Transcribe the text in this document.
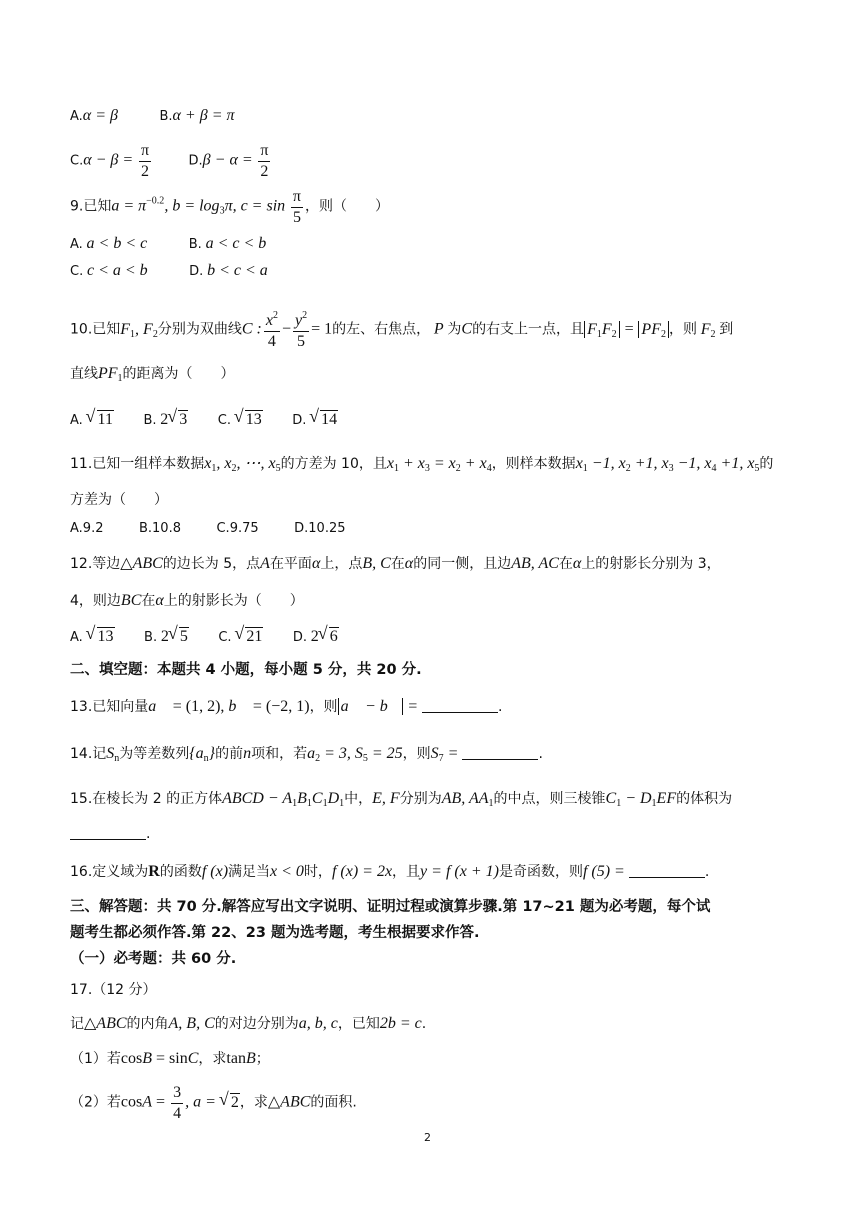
A.α = β	B.α + β = π
$C.\alpha - \beta = \frac{\pi}{2}$	$D.\beta - \alpha = \frac{\pi}{2}$
9.已知$a = \pi^{-0.2}$, $b = \log_3\pi$, $c = \sin \frac{\pi}{5}$ ，则（　　）
A. a < b < c	B. a < c < b
C. c < a < b	D. b < c < a
10.已知$F_1$, $F_2$分别为双曲线C : $\frac{x^2}{4} - \frac{y^2}{5} = 1$的左、右焦点， P 为C的右支上一点，且 $F_1F_2 = PF_2$ ，则 $F_2$ 到
直线$PF_1$的距离为（　　）
A. √ 11 B. 2 √ 3 C. √ 13 D. √ 14
11.已知一组样本数据$x_1$, $x_2$, ⋯, $x_5$的方差为 10，且$x_1 + x_3 = x_2 + x_4$，则样本数据$x_1 -1$, $x_2 +1$, $x_3 -1$, $x_4 +1$, $x_5$的
方差为（　　）
A.9.2	B.10.8	C.9.75	D.10.25
12.等边△ABC的边长为 5，点A在平面α上，点B, C在α的同一侧，且边AB, AC在α上的射影长分别为 3，
4，则边BC在α上的射影长为（　　）
A. √ 13 B. 2 √ 5 C. √ 21 D. 2 √ 6
二、填空题：本题共 4 小题，每小题 5 分，共 20 分.
13.已知向量a⃗ = (1, 2), b⃗ = (−2, 1)，则 a⃗ − b⃗ =	.
14.记$S_n$为等差数列$\{a_n\}$的前n项和，若$a_2 = 3$, $S_5 = 25$，则$S_7$ =	.
15.在棱长为 2 的正方体ABCD − $A_1B_1C_1D_1$中，E, F分别为AB, $AA_1$的中点，则三棱锥$C_1 - D_1EF$的体积为
.
16.定义域为R的函数f (x)满足当x < 0时，f (x) = 2x，且y = f (x + 1)是奇函数，则f (5) =	.
三、解答题：共 70 分.解答应写出文字说明、证明过程或演算步骤.第 17~21 题为必考题，每个试
题考生都必须作答.第 22、23 题为选考题，考生根据要求作答.
（一）必考题：共 60 分.
17.（12 分）
记△ABC的内角A, B, C的对边分别为a, b, c，已知2b = c.
（1）若cosB = sinC，求tanB；
（2）若$\cos A = \frac{3}{4}$ , a = √ 2，求△ABC的面积.
2
